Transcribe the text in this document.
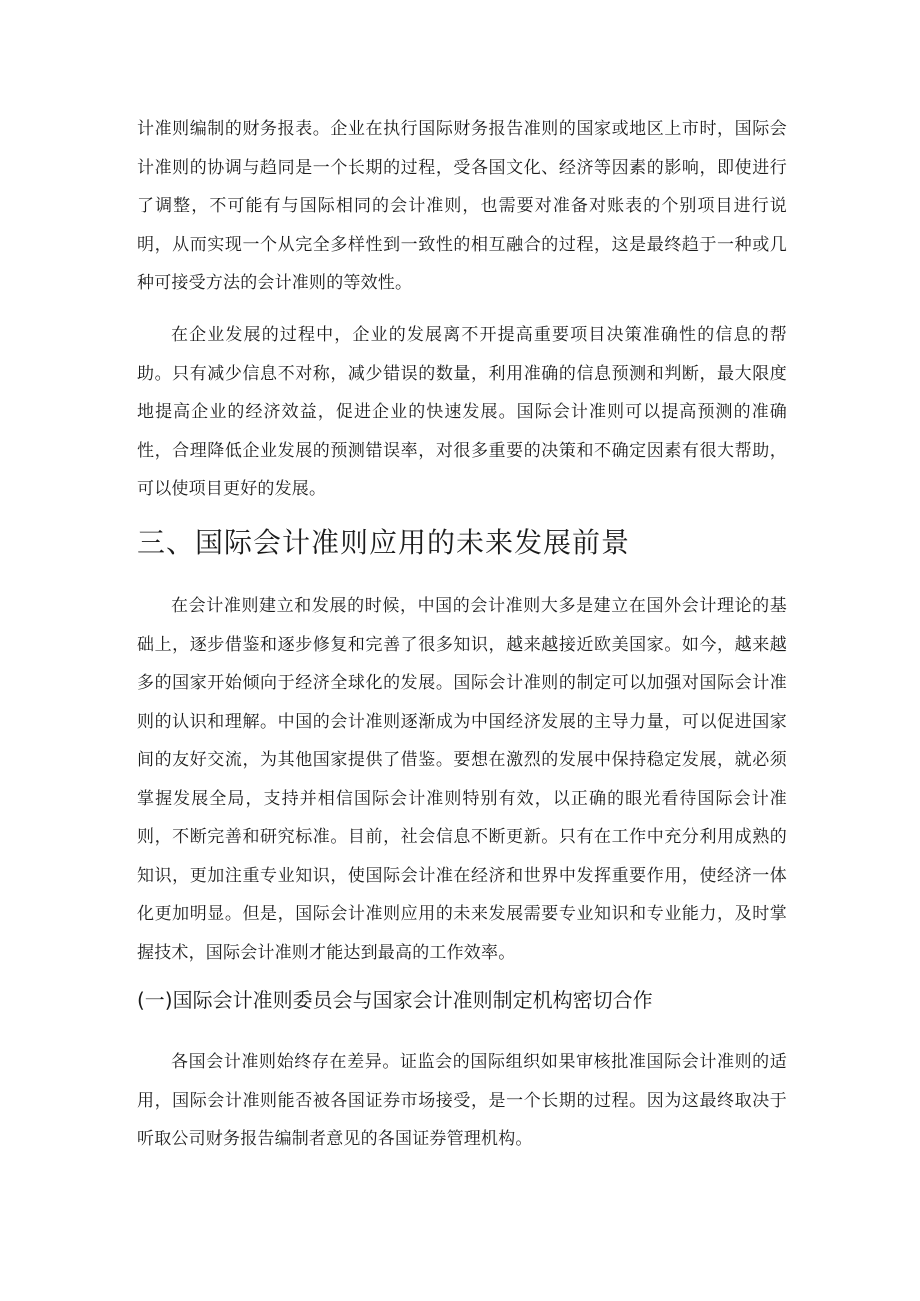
计准则编制的财务报表。企业在执行国际财务报告准则的国家或地区上市时，国际会计准则的协调与趋同是一个长期的过程，受各国文化、经济等因素的影响，即使进行了调整，不可能有与国际相同的会计准则，也需要对准备对账表的个别项目进行说明，从而实现一个从完全多样性到一致性的相互融合的过程，这是最终趋于一种或几种可接受方法的会计准则的等效性。

在企业发展的过程中，企业的发展离不开提高重要项目决策准确性的信息的帮助。只有减少信息不对称，减少错误的数量，利用准确的信息预测和判断，最大限度地提高企业的经济效益，促进企业的快速发展。国际会计准则可以提高预测的准确性，合理降低企业发展的预测错误率，对很多重要的决策和不确定因素有很大帮助，可以使项目更好的发展。

三、国际会计准则应用的未来发展前景

在会计准则建立和发展的时候，中国的会计准则大多是建立在国外会计理论的基础上，逐步借鉴和逐步修复和完善了很多知识，越来越接近欧美国家。如今，越来越多的国家开始倾向于经济全球化的发展。国际会计准则的制定可以加强对国际会计准则的认识和理解。中国的会计准则逐渐成为中国经济发展的主导力量，可以促进国家间的友好交流，为其他国家提供了借鉴。要想在激烈的发展中保持稳定发展，就必须掌握发展全局，支持并相信国际会计准则特别有效，以正确的眼光看待国际会计准则，不断完善和研究标准。目前，社会信息不断更新。只有在工作中充分利用成熟的知识，更加注重专业知识，使国际会计准在经济和世界中发挥重要作用，使经济一体化更加明显。但是，国际会计准则应用的未来发展需要专业知识和专业能力，及时掌握技术，国际会计准则才能达到最高的工作效率。

(一)国际会计准则委员会与国家会计准则制定机构密切合作

各国会计准则始终存在差异。证监会的国际组织如果审核批准国际会计准则的适用，国际会计准则能否被各国证券市场接受，是一个长期的过程。因为这最终取决于听取公司财务报告编制者意见的各国证券管理机构。
